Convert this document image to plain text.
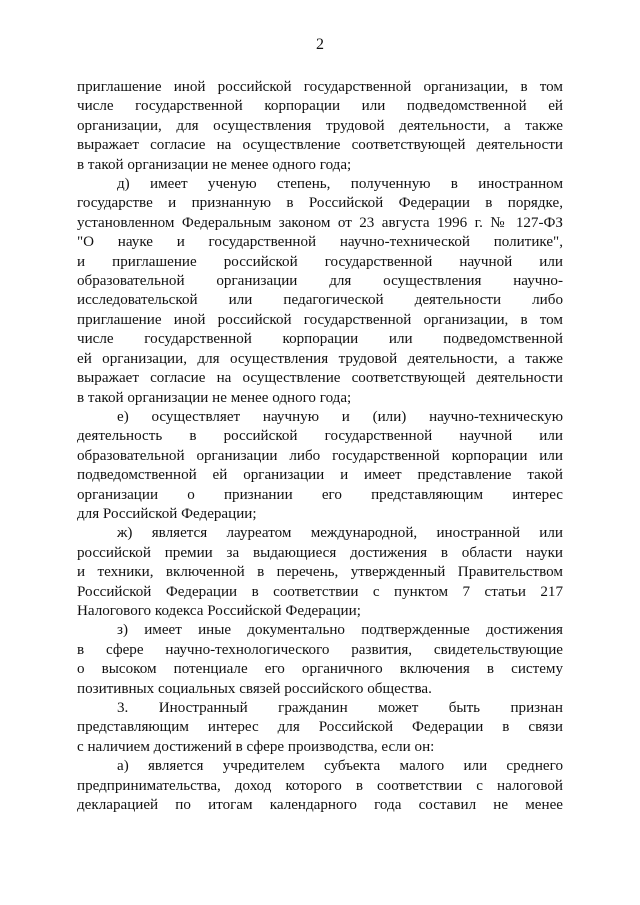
2
приглашение иной российской государственной организации, в том
числе государственной корпорации или подведомственной ей
организации, для осуществления трудовой деятельности, а также
выражает согласие на осуществление соответствующей деятельности
в такой организации не менее одного года;
д) имеет ученую степень, полученную в иностранном
государстве и признанную в Российской Федерации в порядке,
установленном Федеральным законом от 23 августа 1996 г. № 127-ФЗ
"О науке и государственной научно-технической политике",
и приглашение российской государственной научной или
образовательной организации для осуществления научно-
исследовательской или педагогической деятельности либо
приглашение иной российской государственной организации, в том
числе государственной корпорации или подведомственной
ей организации, для осуществления трудовой деятельности, а также
выражает согласие на осуществление соответствующей деятельности
в такой организации не менее одного года;
е) осуществляет научную и (или) научно-техническую
деятельность в российской государственной научной или
образовательной организации либо государственной корпорации или
подведомственной ей организации и имеет представление такой
организации о признании его представляющим интерес
для Российской Федерации;
ж) является лауреатом международной, иностранной или
российской премии за выдающиеся достижения в области науки
и техники, включенной в перечень, утвержденный Правительством
Российской Федерации в соответствии с пунктом 7 статьи 217
Налогового кодекса Российской Федерации;
з) имеет иные документально подтвержденные достижения
в сфере научно-технологического развития, свидетельствующие
о высоком потенциале его органичного включения в систему
позитивных социальных связей российского общества.
3. Иностранный гражданин может быть признан
представляющим интерес для Российской Федерации в связи
с наличием достижений в сфере производства, если он:
а) является учредителем субъекта малого или среднего
предпринимательства, доход которого в соответствии с налоговой
декларацией по итогам календарного года составил не менее
